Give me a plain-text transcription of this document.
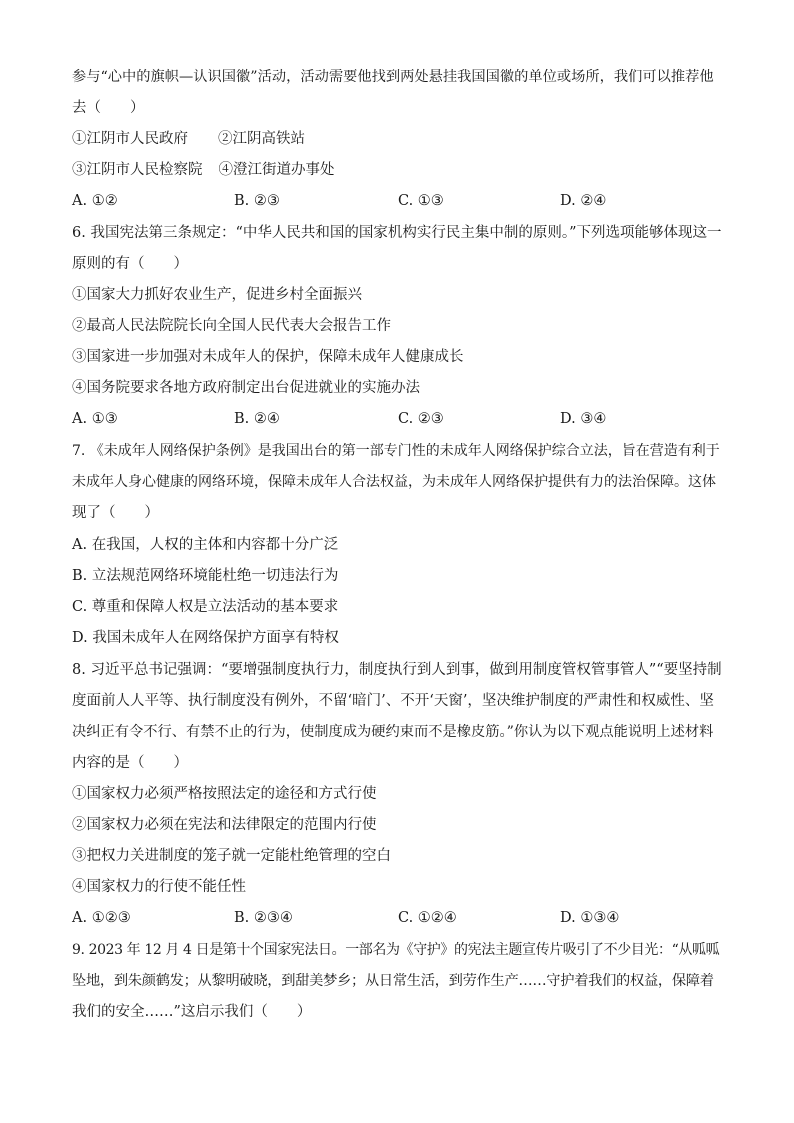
参与“心中的旗帜—认识国徽”活动，活动需要他找到两处悬挂我国国徽的单位或场所，我们可以推荐他
去（　　）
①江阴市人民政府 ②江阴高铁站
③江阴市人民检察院 ④澄江街道办事处
A. ①②	B. ②③	C. ①③	D. ②④
6. 我国宪法第三条规定：“中华人民共和国的国家机构实行民主集中制的原则。”下列选项能够体现这一
原则的有（　　）
①国家大力抓好农业生产，促进乡村全面振兴
②最高人民法院院长向全国人民代表大会报告工作
③国家进一步加强对未成年人的保护，保障未成年人健康成长
④国务院要求各地方政府制定出台促进就业的实施办法
A. ①③	B. ②④	C. ②③	D. ③④
7. 《未成年人网络保护条例》是我国出台的第一部专门性的未成年人网络保护综合立法，旨在营造有利于
未成年人身心健康的网络环境，保障未成年人合法权益，为未成年人网络保护提供有力的法治保障。这体
现了（　　）
A. 在我国，人权的主体和内容都十分广泛
B. 立法规范网络环境能杜绝一切违法行为
C. 尊重和保障人权是立法活动的基本要求
D. 我国未成年人在网络保护方面享有特权
8. 习近平总书记强调：“要增强制度执行力，制度执行到人到事，做到用制度管权管事管人”“要坚持制
度面前人人平等、执行制度没有例外，不留‘暗门’、不开‘天窗’，坚决维护制度的严肃性和权威性、坚
决纠正有令不行、有禁不止的行为，使制度成为硬约束而不是橡皮筋。”你认为以下观点能说明上述材料
内容的是（　　）
①国家权力必须严格按照法定的途径和方式行使
②国家权力必须在宪法和法律限定的范围内行使
③把权力关进制度的笼子就一定能杜绝管理的空白
④国家权力的行使不能任性
A. ①②③	B. ②③④	C. ①②④	D. ①③④
9. 2023 年 12 月 4 日是第十个国家宪法日。一部名为《守护》的宪法主题宣传片吸引了不少目光：“从呱呱
坠地，到朱颜鹤发；从黎明破晓，到甜美梦乡；从日常生活，到劳作生产……守护着我们的权益，保障着
我们的安全……”这启示我们（　　）
